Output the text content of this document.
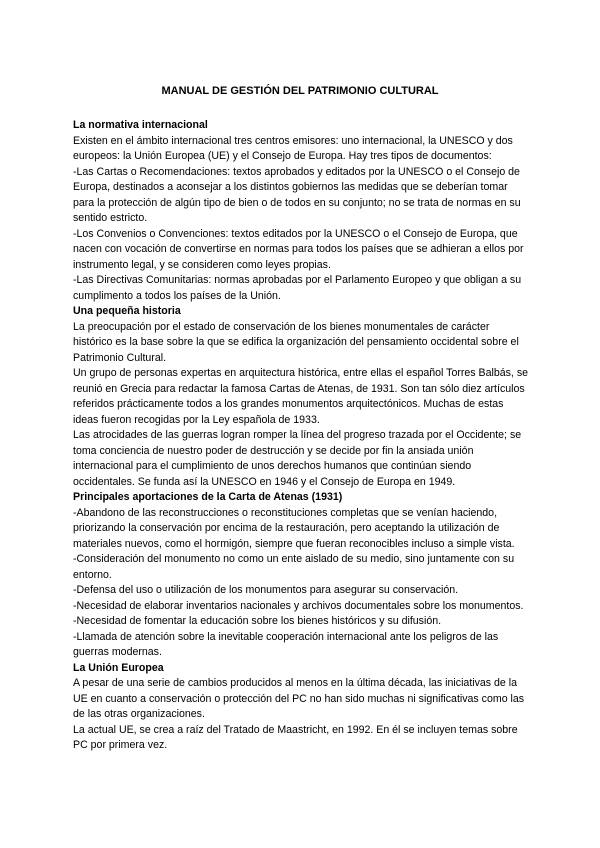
MANUAL DE GESTIÓN DEL PATRIMONIO CULTURAL
La normativa internacional

Existen en el ámbito internacional tres centros emisores: uno internacional, la UNESCO y dos europeos: la Unión Europea (UE) y el Consejo de Europa. Hay tres tipos de documentos:

-Las Cartas o Recomendaciones: textos aprobados y editados por la UNESCO o el Consejo de Europa, destinados a aconsejar a los distintos gobiernos las medidas que se deberían tomar para la protección de algún tipo de bien o de todos en su conjunto; no se trata de normas en su sentido estricto.

-Los Convenios o Convenciones: textos editados por la UNESCO o el Consejo de Europa, que nacen con vocación de convertirse en normas para todos los países que se adhieran a ellos por instrumento legal, y se consideren como leyes propias.

-Las Directivas Comunitarias: normas aprobadas por el Parlamento Europeo y que obligan a su cumplimento a todos los países de la Unión.

Una pequeña historia

La preocupación por el estado de conservación de los bienes monumentales de carácter histórico es la base sobre la que se edifica la organización del pensamiento occidental sobre el Patrimonio Cultural.

Un grupo de personas expertas en arquitectura histórica, entre ellas el español Torres Balbás, se reunió en Grecia para redactar la famosa Cartas de Atenas, de 1931. Son tan sólo diez artículos referidos prácticamente todos a los grandes monumentos arquitectónicos. Muchas de estas ideas fueron recogidas por la Ley española de 1933.

Las atrocidades de las guerras logran romper la línea del progreso trazada por el Occidente; se toma conciencia de nuestro poder de destrucción y se decide por fin la ansiada unión internacional para el cumplimiento de unos derechos humanos que continúan siendo occidentales. Se funda así la UNESCO en 1946 y el Consejo de Europa en 1949.

Principales aportaciones de la Carta de Atenas (1931)

-Abandono de las reconstrucciones o reconstituciones completas que se venían haciendo, priorizando la conservación por encima de la restauración, pero aceptando la utilización de materiales nuevos, como el hormigón, siempre que fueran reconocibles incluso a simple vista.

-Consideración del monumento no como un ente aislado de su medio, sino juntamente con su entorno.

-Defensa del uso o utilización de los monumentos para asegurar su conservación.

-Necesidad de elaborar inventarios nacionales y archivos documentales sobre los monumentos.

-Necesidad de fomentar la educación sobre los bienes históricos y su difusión.

-Llamada de atención sobre la inevitable cooperación internacional ante los peligros de las guerras modernas.

La Unión Europea

A pesar de una serie de cambios producidos al menos en la última década, las iniciativas de la UE en cuanto a conservación o protección del PC no han sido muchas ni significativas como las de las otras organizaciones.

La actual UE, se crea a raíz del Tratado de Maastricht, en 1992. En él se incluyen temas sobre PC por primera vez.
